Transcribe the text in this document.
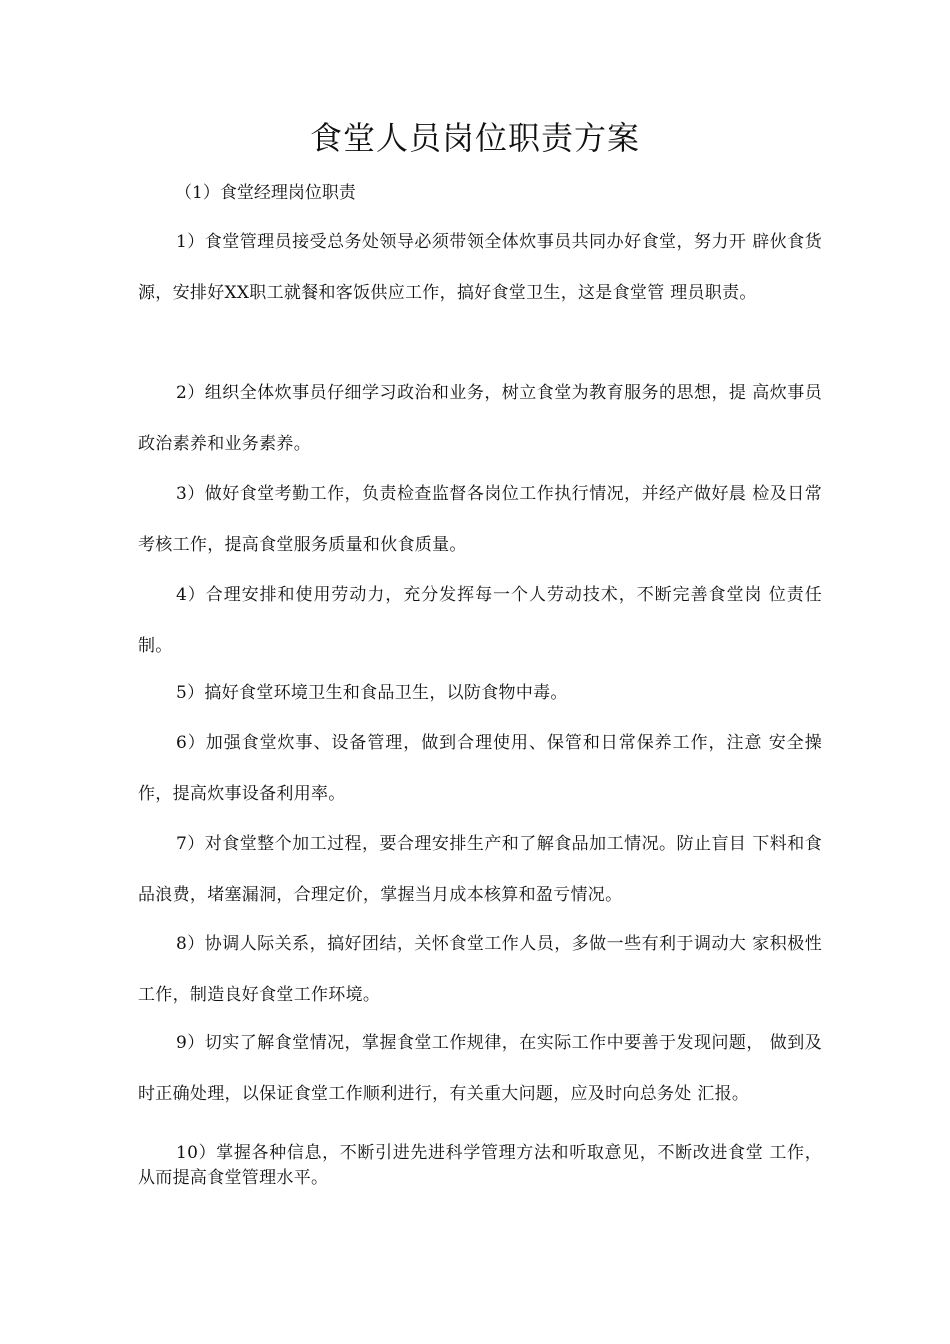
食堂人员岗位职责方案

（1）食堂经理岗位职责

1）食堂管理员接受总务处领导必须带领全体炊事员共同办好食堂，努力开 辟伙食货源，安排好XX职工就餐和客饭供应工作，搞好食堂卫生，这是食堂管 理员职责。

2）组织全体炊事员仔细学习政治和业务，树立食堂为教育服务的思想，提 高炊事员政治素养和业务素养。

3）做好食堂考勤工作，负责检查监督各岗位工作执行情况，并经产做好晨 检及日常考核工作，提高食堂服务质量和伙食质量。

4）合理安排和使用劳动力，充分发挥每一个人劳动技术，不断完善食堂岗 位责任制。

5）搞好食堂环境卫生和食品卫生，以防食物中毒。

6）加强食堂炊事、设备管理，做到合理使用、保管和日常保养工作，注意 安全操作，提高炊事设备利用率。

7）对食堂整个加工过程，要合理安排生产和了解食品加工情况。防止盲目 下料和食品浪费，堵塞漏洞，合理定价，掌握当月成本核算和盈亏情况。

8）协调人际关系，搞好团结，关怀食堂工作人员，多做一些有利于调动大 家积极性工作，制造良好食堂工作环境。

9）切实了解食堂情况，掌握食堂工作规律，在实际工作中要善于发现问题， 做到及时正确处理，以保证食堂工作顺利进行，有关重大问题，应及时向总务处 汇报。

10）掌握各种信息，不断引进先进科学管理方法和听取意见，不断改进食堂 工作，从而提高食堂管理水平。
